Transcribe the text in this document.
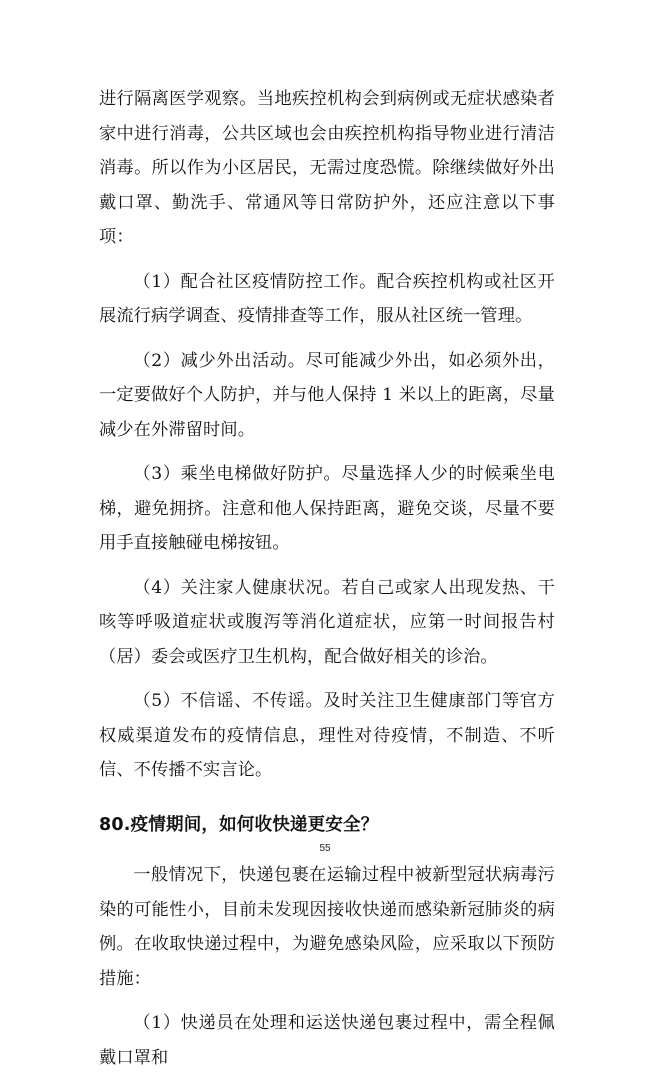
进行隔离医学观察。当地疾控机构会到病例或无症状感染者家中进行消毒，公共区域也会由疾控机构指导物业进行清洁消毒。所以作为小区居民，无需过度恐慌。除继续做好外出戴口罩、勤洗手、常通风等日常防护外，还应注意以下事项：

（1）配合社区疫情防控工作。配合疾控机构或社区开展流行病学调查、疫情排查等工作，服从社区统一管理。

（2）减少外出活动。尽可能减少外出，如必须外出，一定要做好个人防护，并与他人保持 1 米以上的距离，尽量减少在外滞留时间。

（3）乘坐电梯做好防护。尽量选择人少的时候乘坐电梯，避免拥挤。注意和他人保持距离，避免交谈，尽量不要用手直接触碰电梯按钮。

（4）关注家人健康状况。若自己或家人出现发热、干咳等呼吸道症状或腹泻等消化道症状，应第一时间报告村（居）委会或医疗卫生机构，配合做好相关的诊治。

（5）不信谣、不传谣。及时关注卫生健康部门等官方权威渠道发布的疫情信息，理性对待疫情，不制造、不听信、不传播不实言论。

80.疫情期间，如何收快递更安全？

一般情况下，快递包裹在运输过程中被新型冠状病毒污染的可能性小，目前未发现因接收快递而感染新冠肺炎的病例。在收取快递过程中，为避免感染风险，应采取以下预防措施：

（1）快递员在处理和运送快递包裹过程中，需全程佩戴口罩和

55
